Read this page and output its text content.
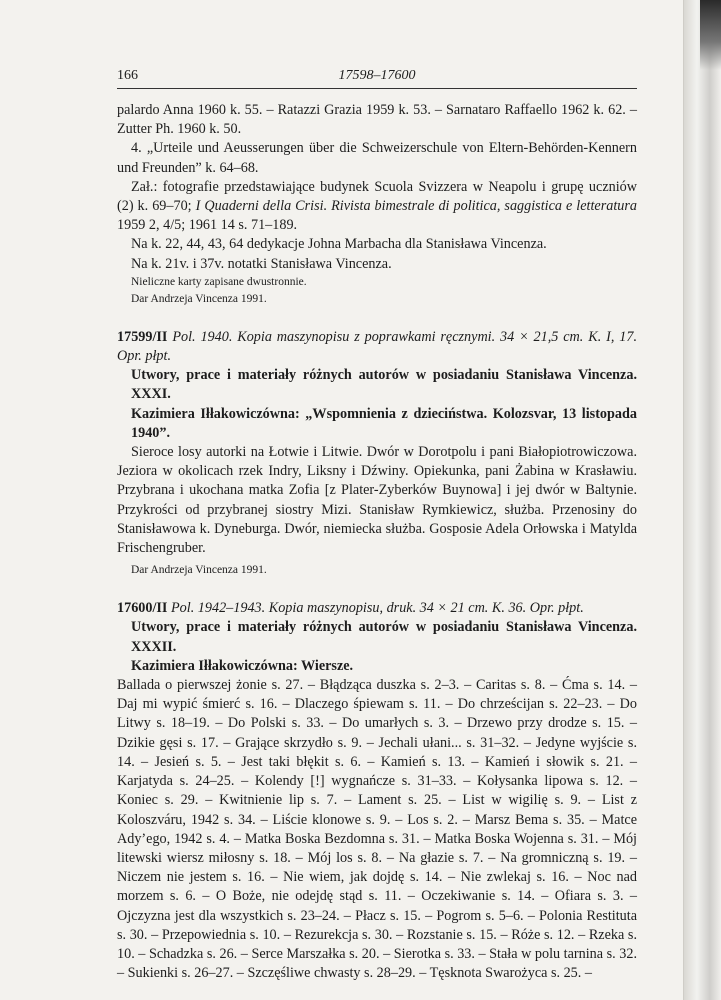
166	17598–17600

palardo Anna 1960 k. 55. – Ratazzi Grazia 1959 k. 53. – Sarnataro Raffaello 1962 k. 62. – Zutter Ph. 1960 k. 50.

4. „Urteile und Aeusserungen über die Schweizerschule von Eltern-Behörden-Kennern und Freunden” k. 64–68.

Zał.: fotografie przedstawiające budynek Scuola Svizzera w Neapolu i grupę uczniów (2) k. 69–70; I Quaderni della Crisi. Rivista bimestrale di politica, saggistica e letteratura 1959 2, 4/5; 1961 14 s. 71–189.

Na k. 22, 44, 43, 64 dedykacje Johna Marbacha dla Stanisława Vincenza.

Na k. 21v. i 37v. notatki Stanisława Vincenza.

Nieliczne karty zapisane dwustronnie.

Dar Andrzeja Vincenza 1991.

17599/II Pol. 1940. Kopia maszynopisu z poprawkami ręcznymi. 34 × 21,5 cm. K. I, 17. Opr. płpt.

Utwory, prace i materiały różnych autorów w posiadaniu Stanisława Vincenza. XXXI.

Kazimiera Iłłakowiczówna: „Wspomnienia z dzieciństwa. Kolozsvar, 13 listopada 1940”.

Sieroce losy autorki na Łotwie i Litwie. Dwór w Dorotpolu i pani Białopiotrowiczowa. Jeziora w okolicach rzek Indry, Liksny i Dźwiny. Opiekunka, pani Żabina w Krasławiu. Przybrana i ukochana matka Zofia [z Plater-Zyberków Buynowa] i jej dwór w Baltynie. Przykrości od przybranej siostry Mizi. Stanisław Rymkiewicz, służba. Przenosiny do Stanisławowa k. Dyneburga. Dwór, niemiecka służba. Gosposie Adela Orłowska i Matylda Frischengruber.

Dar Andrzeja Vincenza 1991.

17600/II Pol. 1942–1943. Kopia maszynopisu, druk. 34 × 21 cm. K. 36. Opr. płpt.

Utwory, prace i materiały różnych autorów w posiadaniu Stanisława Vincenza. XXXII.

Kazimiera Iłłakowiczówna: Wiersze.

Ballada o pierwszej żonie s. 27. – Błądząca duszka s. 2–3. – Caritas s. 8. – Ćma s. 14. – Daj mi wypić śmierć s. 16. – Dlaczego śpiewam s. 11. – Do chrześcijan s. 22–23. – Do Litwy s. 18–19. – Do Polski s. 33. – Do umarłych s. 3. – Drzewo przy drodze s. 15. – Dzikie gęsi s. 17. – Grające skrzydło s. 9. – Jechali ułani... s. 31–32. – Jedyne wyjście s. 14. – Jesień s. 5. – Jest taki błękit s. 6. – Kamień s. 13. – Kamień i słowik s. 21. – Karjatyda s. 24–25. – Kolendy [!] wygnańcze s. 31–33. – Kołysanka lipowa s. 12. – Koniec s. 29. – Kwitnienie lip s. 7. – Lament s. 25. – List w wigilię s. 9. – List z Koloszváru, 1942 s. 34. – Liście klonowe s. 9. – Los s. 2. – Marsz Bema s. 35. – Matce Ady’ego, 1942 s. 4. – Matka Boska Bezdomna s. 31. – Matka Boska Wojenna s. 31. – Mój litewski wiersz miłosny s. 18. – Mój los s. 8. – Na głazie s. 7. – Na gromniczną s. 19. – Niczem nie jestem s. 16. – Nie wiem, jak dojdę s. 14. – Nie zwlekaj s. 16. – Noc nad morzem s. 6. – O Boże, nie odejdę stąd s. 11. – Oczekiwanie s. 14. – Ofiara s. 3. – Ojczyzna jest dla wszystkich s. 23–24. – Płacz s. 15. – Pogrom s. 5–6. – Polonia Restituta s. 30. – Przepowiednia s. 10. – Rezurekcja s. 30. – Rozstanie s. 15. – Róże s. 12. – Rzeka s. 10. – Schadzka s. 26. – Serce Marszałka s. 20. – Sierotka s. 33. – Stała w polu tarnina s. 32. – Sukienki s. 26–27. – Szczęśliwe chwasty s. 28–29. – Tęsknota Swarożyca s. 25. –
